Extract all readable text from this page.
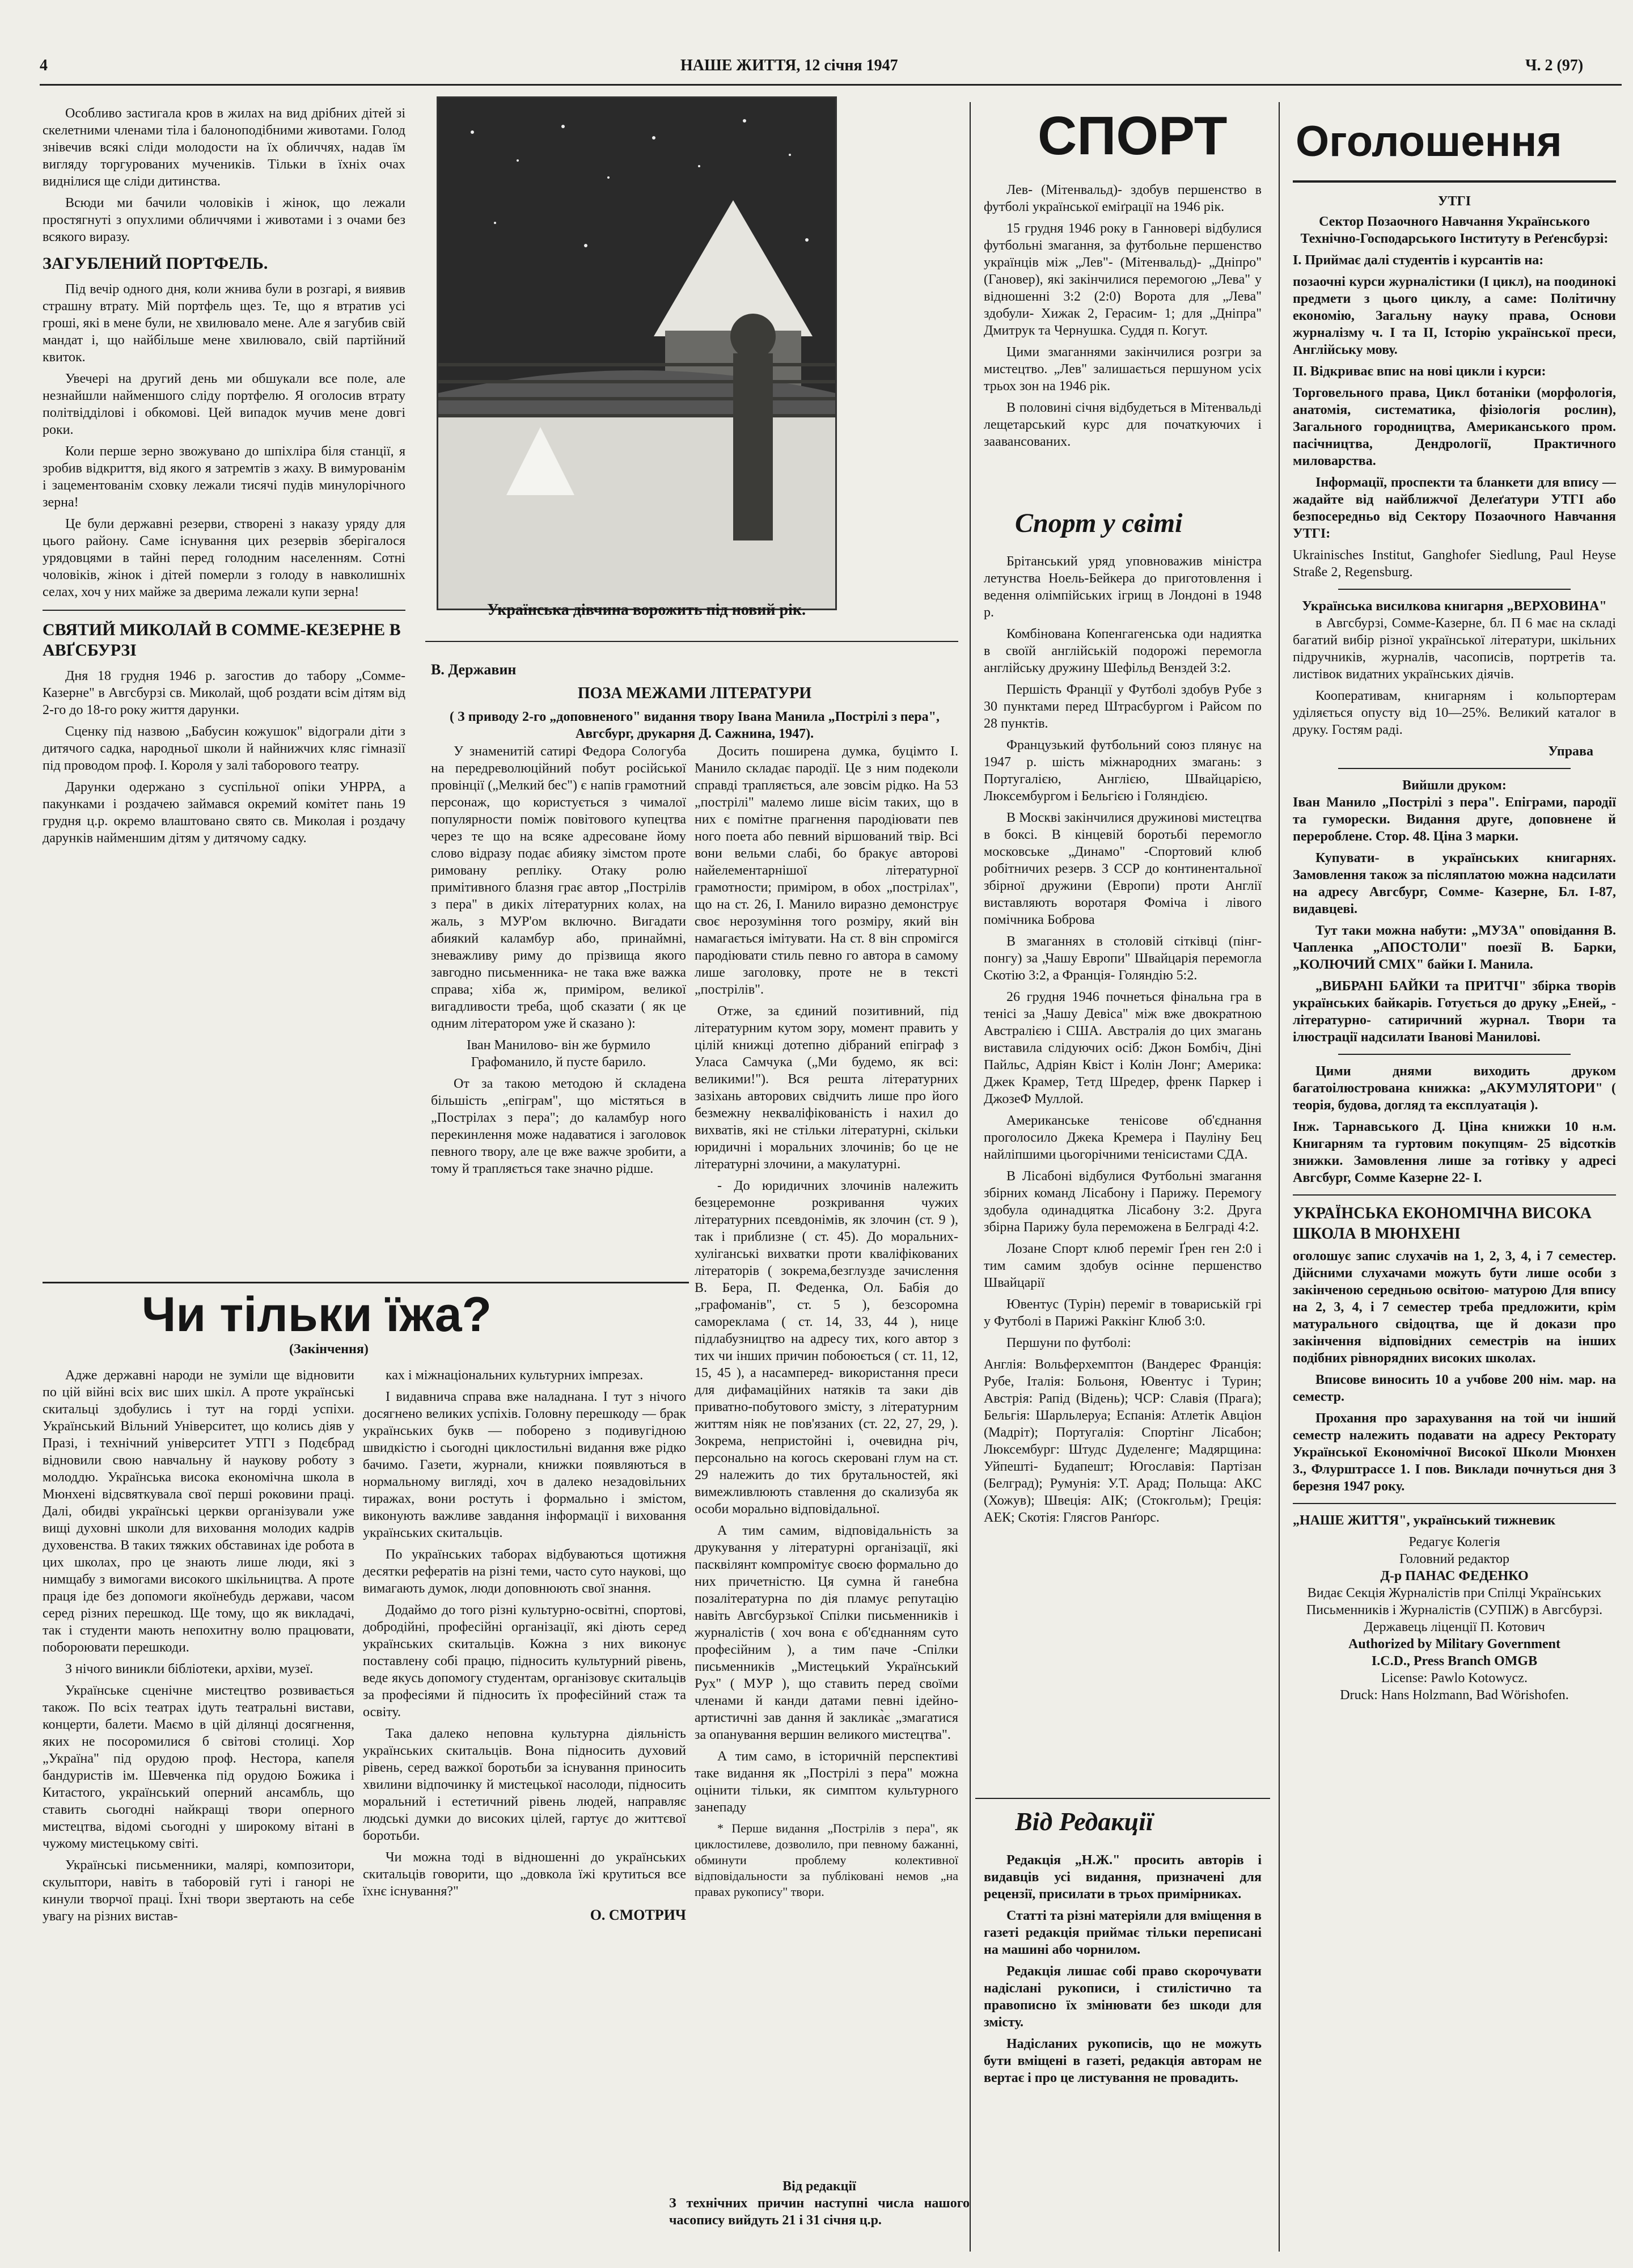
4	НАШЕ ЖИТТЯ, 12 січня 1947	Ч. 2 (97)

Особливо застигала кров в жилах на вид дрібних дітей зі скелетними членами тіла і балоноподібними животами. Голод знівечив всякі сліди молодости на їх обличчях, надав їм вигляду торгурованих мучеників. Тільки в їхніх очах виднілися ще сліди дитинства.

Всюди ми бачили чоловіків і жінок, що лежали простягнуті з опухлими обличчями і животами і з очами без всякого виразу.

ЗАГУБЛЕНИЙ ПОРТФЕЛЬ.

Під вечір одного дня, коли жнива були в розгарі, я виявив страшну втрату. Мій портфель щез. Те, що я втратив усі гроші, які в мене були, не хвилювало мене. Але я загубив свій мандат і, що найбільше мене хвилювало, свій партійний квиток.

Увечері на другий день ми обшукали все поле, але незнайшли найменшого сліду портфелю. Я оголосив втрату політвідділові і обкомові. Цей випадок мучив мене довгі роки.

Коли перше зерно звожувано до шпіхліра біля станції, я зробив відкриття, від якого я затремтів з жаху. В вимурованім і зацементованім сховку лежали тисячі пудів минулорічного зерна!

Це були державні резерви, створені з наказу уряду для цього району. Саме існування цих резервів зберігалося урядовцями в тайні перед голодним населенням. Сотні чоловіків, жінок і дітей померли з голоду в навколишніх селах, хоч у них майже за дверима лежали купи зерна!

СВЯТИЙ МИКОЛАЙ В СОММЕ-КЕЗЕРНЕ В АВҐСБУРЗІ

Дня 18 грудня 1946 р. загостив до табору „Сомме-Казерне" в Авгсбурзі св. Миколай, щоб роздати всім дітям від 2-го до 18-го року життя дарунки.

Сценку під назвою „Бабусин кожушок" відограли діти з дитячого садка, народньої школи й найнижчих кляс гімназії під проводом проф. І. Короля у залі таборового театру.

Дарунки одержано з суспільної опіки УНРРА, а пакунками і роздачею займався окремий комітет пань 19 грудня ц.р. окремо влаштовано свято св. Миколая і роздачу дарунків найменшим дітям у дитячому садку.

Українська дівчина ворожить під новий рік.
В. Державин
ПОЗА МЕЖАМИ ЛІТЕРАТУРИ
( З приводу 2-го „доповненого" видання твору Івана Манила „Пострілі з пера", Авгсбург, друкарня Д. Сажнина, 1947).

У знаменитій сатирі Федора Сологуба на передреволюційний побут російської провінції („Мелкий бес") є напів грамотний персонаж, що користується з чималої популярности поміж повітового купецтва через те що на всяке адресоване йому слово відразу подає абияку зімстом проте римовану репліку. Отаку ролю примітивного блазня грає автор „Пострілів з пера" в дикіх літературних колах, на жаль, з МУР'ом включно. Вигадати абиякий каламбур або, принаймні, зневажливу риму до прізвища якого завгодно письменника- не така вже важка справа; хіба ж, приміром, великої вигадливости треба, щоб сказати ( як це одним літератором уже й сказано ):

Іван Манилово- він же бурмило Графоманило, й пусте барило.

От за такою методою й складена більшість „епіграм", що містяться в „Пострілах з пера"; до каламбур ного перекинлення може надаватися і заголовок певного твору, але це вже важче зробити, а тому й трапляється таке значно рідше.

Досить поширена думка, буцімто І. Манило складає пародії. Це з ним подеколи справді трапляється, але зовсім рідко. На 53 „пострілі" малемо лише вісім таких, що в них є помітне прагнення пародіювати пев ного поета або певний віршований твір. Всі вони вельми слабі, бо бракує авторові найелементарнішої літературної грамотности; приміром, в обох „пострілах", що на ст. 26, І. Манило виразно демонструє своє нерозуміння того розміру, який він намагається імітувати. На ст. 8 він спромігся пародіювати стиль певно го автора в самому лише заголовку, проте не в тексті „пострілів".

Отже, за єдиний позитивний, під літературним кутом зору, момент править у цілій книжці дотепно дібраний епіграф з Уласа Самчука („Ми будемо, як всі: великими!"). Вся решта літературних зазіхань авторових свідчить лише про його безмежну некваліфікованість і нахил до вихватів, які не стільки літературні, скільки юридичні і моральних злочинів; бо це не літературні злочини, а макулатурні.

- До юридичних злочинів належить безцеремонне розкривання чужих літературних псевдонімів, як злочин (ст. 9 ), так і приблизне ( ст. 45). До моральних- хуліганські вихватки проти кваліфікованих літераторів ( зокрема,безглузде зачислення В. Бера, П. Феденка, Ол. Бабія до „графоманів", ст. 5 ), безсоромна самореклама ( ст. 14, 33, 44 ), нице підлабузництво на адресу тих, кого автор з тих чи інших причин побоюється ( ст. 11, 12, 15, 45 ), а насамперед- використання преси для дифамаційних натяків та заки дів приватно-побутового змісту, з літературним життям ніяк не пов'язаних (ст. 22, 27, 29, ). Зокрема, непристойні і, очевидна річ, персонально на когось скеровані глум на ст. 29 належить до тих брутальностей, які вимежливлюють ставлення до скализуба як особи морально відповідальної.

А тим самим, відповідальність за друкування у літературні організації, які пасквілянт компромітує своєю формально до них причетністю. Ця сумна й ганебна позалітературна по дія пламує репутацію навіть Авгсбурзької Спілки письменників і журналістів ( хоч вона є об'єднанням суто професійним ), а тим паче -Спілки письменників „Мистецький Український Рух" ( МУР ), що ставить перед своїми членами й канди датами певні ідейно-артистичні зав дання й заклика̀є „змагатися за опанування вершин великого мистецтва".

А тим само, в історичній перспективі таке видання як „Пострілі з пера" можна оцінити тільки, як симптом культурного занепаду

* Перше видання „Пострілів з пера", як циклостилеве, дозволило, при певному бажанні, обминути проблему колективної відповідальности за публіковані немов „на правах рукопису" твори.

Чи тільки їжа?
(Закінчення)

Адже державні народи не зуміли ще відновити по цій війні всіх вис ших шкіл. А проте українські скитальці здобулись і тут на горді успіхи. Український Вільний Університет, що колись діяв у Празі, і технічний університет УТГІ з Подєбрад відновили свою навчальну й наукову роботу з молоддю. Українська висока економічна школа в Мюнхені відсвяткувала свої перші роковини праці. Далі, обидві українські церкви організували уже вищі духовні школи для виховання молодих кадрів духовенства. В таких тяжких обставинах іде робота в цих школах, про це знають лише люди, які з нимщабу з вимогами високого шкільництва. А проте праця іде без допомоги якоїнебудь держави, часом серед різних перешкод. Ще тому, що як викладачі, так і студенти мають непохитну волю працювати, побороювати перешкоди.

З нічого виникли бібліотеки, архіви, музеї.

Українське сценічне мистецтво розвивається також. По всіх театрах ідуть театральні вистави, концерти, балети. Маємо в цій ділянці досягнення, яких не посоромилися б світові столиці. Хор „Україна" під орудою проф. Нестора, капеля бандуристів ім. Шевченка під орудою Божика і Китастого, український оперний ансамбль, що ставить сьогодні найкращі твори оперного мистецтва, відомі сьогодні у широкому вітані в чужому мистецькому світі.

Українські письменники, малярі, композитори, скульптори, навіть в таборовій гуті і ганорі не кинули творчої праці. Їхні твори звертають на себе увагу на різних вистав-

ках і міжнаціональних культурних імпрезах.

І видавнича справа вже наладнана. І тут з нічого досягнено великих успіхів. Головну перешкоду — брак українських букв — поборено з подивугідною швидкістю і сьогодні циклостильні видання вже рідко бачимо. Газети, журнали, книжки появляються в нормальному вигляді, хоч в далеко незадовільних тиражах, вони ростуть і формально і змістом, виконують важливе завдання інформації і виховання українських скитальців.

По українських таборах відбуваються щотижня десятки рефератів на різні теми, часто суто наукові, що вимагають думок, люди доповнюють свої знання.

Додаймо до того різні культурно-освітні, спортові, добродійні, професійні організації, які діють серед українських скитальців. Кожна з них виконує поставлену собі працю, підносить культурний рівень, веде якусь допомогу студентам, організовує скитальців за професіями й підносить їх професійний стаж та освіту.

Така далеко неповна культурна діяльність українських скитальців. Вона підносить духовий рівень, серед важкої боротьби за існування приносить хвилини відпочинку й мистецької насолоди, підносить моральний і естетичний рівень людей, направляє людські думки до високих цілей, гартує до життєвої боротьби.

Чи можна тоді в відношенні до українських скитальців говорити, що „довкола їжі крутиться все їхнє існування?"

О. СМОТРИЧ
Від редакції

З технічних причин наступні числа нашого часопису вийдуть 21 і 31 січня ц.р.

СПОРТ

Лев- (Мітенвальд)- здобув першенство в футболі української еміґрації на 1946 рік.

15 грудня 1946 року в Ганновері відбулися футбольні змагання, за футбольне першенство українців між „Лев"- (Мітенвальд)- „Дніпро" (Гановер), які закінчилися перемогою „Лева" у відношенні 3:2 (2:0) Ворота для „Лева" здобули- Хижак 2, Герасим- 1; для „Дніпра" Дмитрук та Чернушка. Суддя п. Когут.

Цими змаганнями закінчилися розгри за мистецтво. „Лев" залишається першуном усіх трьох зон на 1946 рік.

В половині січня відбудеться в Мітенвальді лещетарський курс для початкуючих і заавансованих.

Спорт у світі

Брітанський уряд уповноважив міністра летунства Ноель-Бейкера до приготовлення і ведення олімпійських ігрищ в Лондоні в 1948 р.

Комбінована Копенгагенська оди надиятка в своїй англійській подорожі перемогла англійську дружину Шефільд Венздей 3:2.

Першість Франції у Футболі здобув Рубе з 30 пунктами перед Штрасбургом і Райсом по 28 пунктів.

Французький футбольний союз плянує на 1947 р. шість міжнародних змагань: з Португалією, Англією, Швайцарією, Люксембургом і Бельгією і Голяндією.

В Москві закінчилися дружинові мистецтва в боксі. В кінцевій боротьбі перемогло московське „Динамо" -Спортовий клюб робітничих резерв. З ССР до континентальної збірної дружини (Европи) проти Англії виставляють воротаря Фоміча і лівого помічника Боброва

В змаганнях в столовій сітківці (пінг-понгу) за „Чашу Европи" Швайцарія перемогла Скотію 3:2, а Франція- Голяндію 5:2.

26 грудня 1946 почнеться фінальна гра в тенісі за „Чашу Девіса" між вже двократною Австралією і США. Австралія до цих змагань виставила слідуючих осіб: Джон Бомбіч, Діні Пайльс, Адріян Квіст і Колін Лонг; Америка: Джек Крамер, Тетд Шредер, френк Паркер і ДжозеФ Муллой.

Американське тенісове об'єднання проголосило Джека Кремера і Пауліну Бец найліпшими цьогорічними тенісистами СДА.

В Лісабоні відбулися Футбольні змагання збірних команд Лісабону і Парижу. Перемогу здобула одинадцятка Лісабону 3:2. Друга збірна Парижу була переможена в Белграді 4:2.

Лозане Спорт клюб переміг Ґрен ген 2:0 і тим самим здобув осінне першенство Швайцарії

Ювентус (Турін) переміг в товариській грі у Футболі в Парижі Раккінг Клюб 3:0.

Першуни по футболі:

Англія: Вольферхемптон (Вандерес Франція: Рубе, Італія: Больоня, Ювентус і Турин; Австрія: Рапід (Відень); ЧСР: Славія (Прага); Бельгія: Шарльлеруа; Еспанія: Атлетік Авціон (Мадріт); Португалія: Спортінг Лісабон; Люксембург: Штудс Дуделенге; Мадярщина: Уйпешті- Будапешт; Югославія: Партізан (Белград); Румунія: У.Т. Арад; Польща: АКС (Хожув); Швеція: АІК; (Стокгольм); Греція: АЕК; Скотія: Глясгов Ранґорс.

Від Редакції

Редакція „Н.Ж." просить авторів і видавців усі видання, призначені для рецензії, присилати в трьох примірниках.

Статті та різні матеріяли для вміщення в газеті редакція приймає тільки переписані на машині або чорнилом.

Редакція лишає собі право скорочувати надіслані рукописи, і стилістично та правописно їх змінювати без шкоди для змісту.

Надісланих рукописів, що не можуть бути вміщені в газеті, редакція авторам не вертає і про це листування не провадить.

Оголошення
УТГІ

Сектор Позаочного Навчання Українського Технічно-Господарського Інституту в Реґенсбурзі:

І. Приймає далі студентів і курсантів на:

позаочні курси журналістики (І цикл), на поодинокі предмети з цього циклу, а саме: Політичну економію, Загальну науку права, Основи журналізму ч. І та ІІ, Історію української преси, Англійську мову.

ІІ. Відкриває впис на нові цикли і курси:

Торговельного права, Цикл ботаніки (морфологія, анатомія, систематика, фізіологія рослин), Загального городництва, Американського пром. пасічництва, Дендрології, Практичного миловарства.

Інформації, проспекти та бланкети для впису — жадайте від найближчої Делеґатури УТГІ або безпосередньо від Сектору Позаочного Навчання УТГІ:

Ukrainisches Institut, Ganghofer Siedlung, Paul Heyse Straße 2, Regensburg.

Українська висилкова книгарня „ВЕРХОВИНА"

в Авгсбурзі, Сомме-Казерне, бл. П 6 має на складі багатий вибір різної української літератури, шкільних підручників, журналів, часописів, портретів та. листівок видатних українських діячів.

Кооперативам, книгарням і кольпортерам уділяється опусту від 10—25%. Великий каталог в друку. Гостям раді.

Управа
Вийшли друком:

Іван Манило „Пострілі з пера". Епіграми, пародії та гуморески. Видання друге, доповнене й перероблене. Стор. 48. Ціна 3 марки.

Купувати- в українських книгарнях. Замовлення також за післяплатою можна надсилати на адресу Авгсбург, Сомме- Казерне, Бл. І-87, видавцеві.

Тут таки можна набути: „МУЗА" оповідання В. Чапленка „АПОСТОЛИ" поезії В. Барки, „КОЛЮЧИЙ СМІХ" байки І. Манила.

„ВИБРАНІ БАЙКИ та ПРИТЧІ" збірка творів українських байкарів. Готується до друку „Еней„ -літературно- сатиричний журнал. Твори та ілюстрації надсилати Івановi Манилові.

Цими днями виходить друком багатоілюстрована книжка: „АКУМУЛЯТОРИ" ( теорія, будова, догляд та експлуатація ).

Інж. Тарнавського Д. Ціна книжки 10 н.м. Книгарням та гуртовим покупцям- 25 відсотків знижки. Замовлення лише за готівку у адресі Авгсбург, Сомме Казерне 22- І.

УКРАЇНСЬКА ЕКОНОМІЧНА ВИСОКА ШКОЛА В МЮНХЕНІ

оголошує запис слухачів на 1, 2, 3, 4, і 7 семестер. Дійсними слухачами можуть бути лише особи з закінченою середньою освітою- матурою Для впису на 2, 3, 4, і 7 семестер треба предложити, крім матурального свідоцтва, ще й докази про закінчення відповідних семестрів на інших подібних рівнорядних високих школах.

Вписове виносить 10 а учбове 200 нім. мар. на семестр.

Прохання про зарахування на той чи інший семестр належить подавати на адресу Ректорату Української Економічної Високої Школи Мюнхен 3., Флурштрассе 1. І пов. Виклади почнуться дня 3 березня 1947 року.

„НАШЕ ЖИТТЯ", український тижневик

Редагує Колегія
Головний редактор
Д-р ПАНАС ФЕДЕНКО
Видає Секція Журналістів при Спілці Українських Письменників і Журналістів (СУПІЖ) в Авгсбурзі.
Державець ліценції П. Котович
Authorized by Military Government
I.C.D., Press Branch OMGB
License: Pawlo Kotowycz.
Druck: Hans Holzmann, Bad Wörishofen.
